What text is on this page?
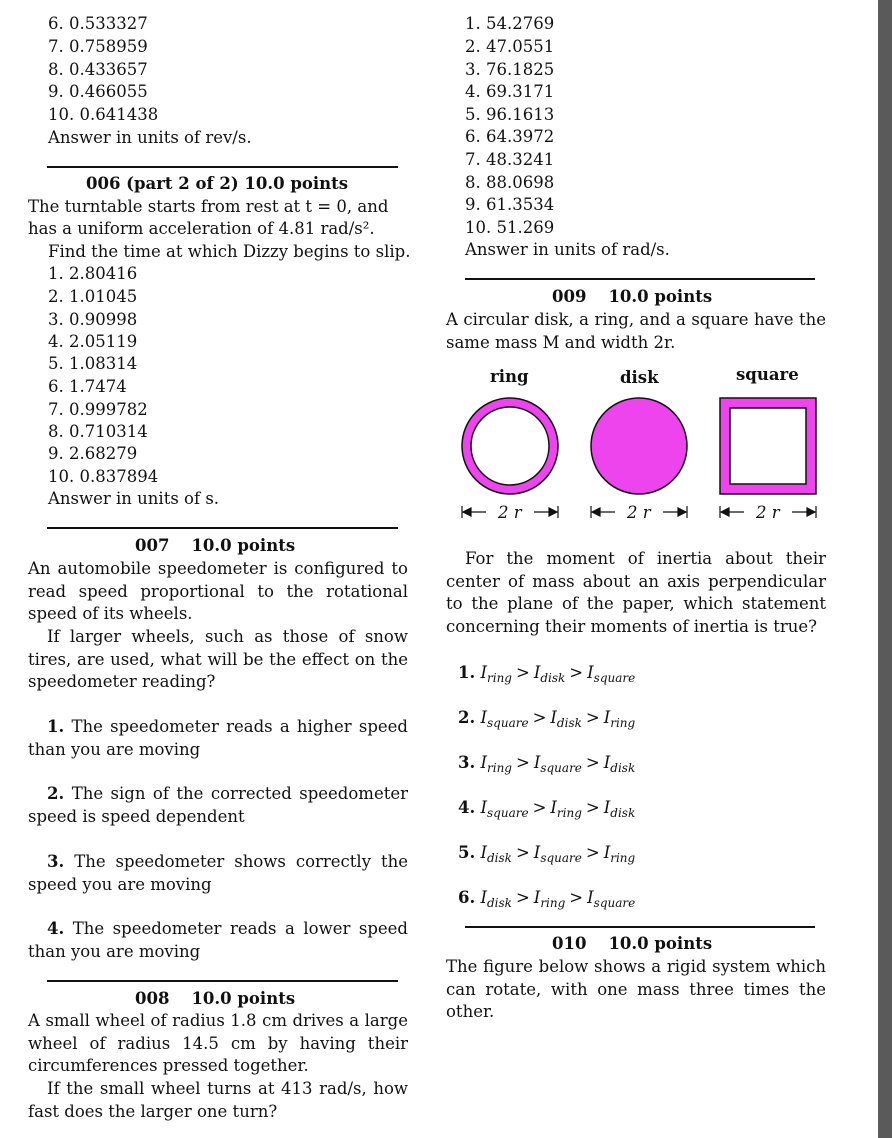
6. 0.533327
7. 0.758959
8. 0.433657
9. 0.466055
10. 0.641438
Answer in units of rev/s.
006 (part 2 of 2) 10.0 points
The turntable starts from rest at t = 0, and
has a uniform acceleration of 4.81 rad/s².
Find the time at which Dizzy begins to slip.
1. 2.80416
2. 1.01045
3. 0.90998
4. 2.05119
5. 1.08314
6. 1.7474
7. 0.999782
8. 0.710314
9. 2.68279
10. 0.837894
Answer in units of s.
007 10.0 points
An automobile speedometer is configured to read speed proportional to the rotational speed of its wheels.
If larger wheels, such as those of snow tires, are used, what will be the effect on the speedometer reading?
1. The speedometer reads a higher speed than you are moving
2. The sign of the corrected speedometer speed is speed dependent
3. The speedometer shows correctly the speed you are moving
4. The speedometer reads a lower speed than you are moving
008 10.0 points
A small wheel of radius 1.8 cm drives a large wheel of radius 14.5 cm by having their circumferences pressed together.
If the small wheel turns at 413 rad/s, how fast does the larger one turn?
1. 54.2769
2. 47.0551
3. 76.1825
4. 69.3171
5. 96.1613
6. 64.3972
7. 48.3241
8. 88.0698
9. 61.3534
10. 51.269
Answer in units of rad/s.
009 10.0 points
A circular disk, a ring, and a square have the same mass M and width 2r.
ring	disk	square
2 r	2 r	2 r
For the moment of inertia about their center of mass about an axis perpendicular to the plane of the paper, which statement concerning their moments of inertia is true?
1. $I_{ring} > I_{disk} > I_{square}$
2. $I_{square} > I_{disk} > I_{ring}$
3. $I_{ring} > I_{square} > I_{disk}$
4. $I_{square} > I_{ring} > I_{disk}$
5. $I_{disk} > I_{square} > I_{ring}$
6. $I_{disk} > I_{ring} > I_{square}$
010 10.0 points
The figure below shows a rigid system which can rotate, with one mass three times the other.
